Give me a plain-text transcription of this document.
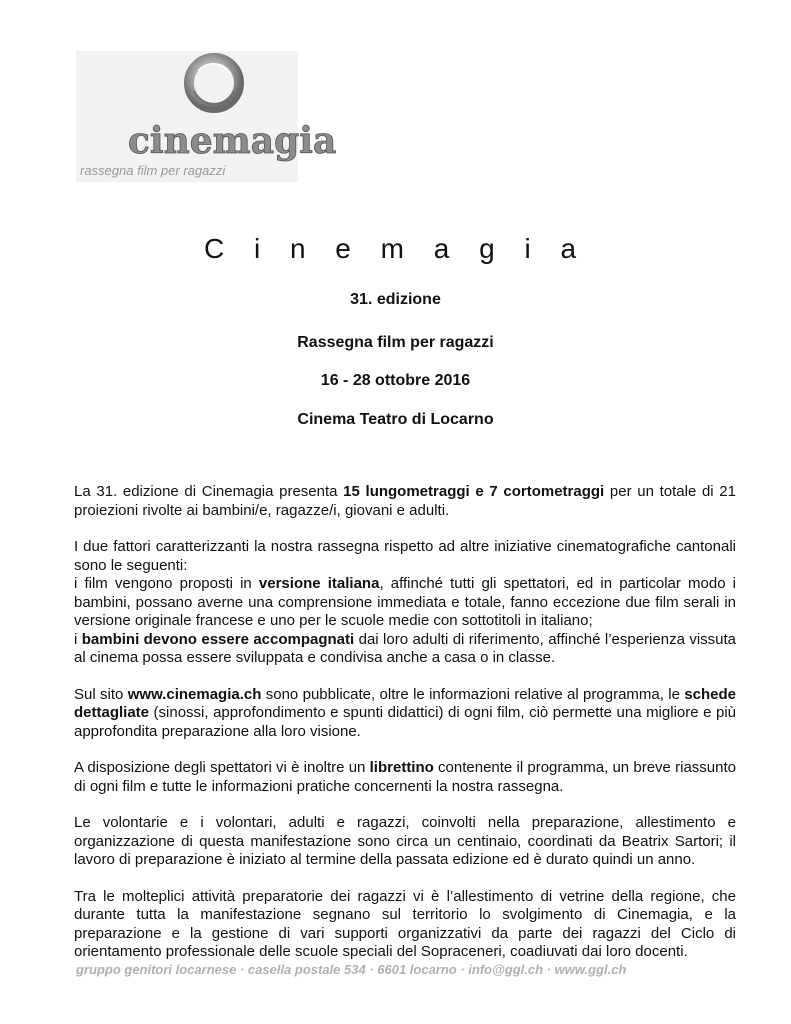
cinemagia
rassegna film per ragazzi
C i n e m a g i a

31. edizione

Rassegna film per ragazzi

16 - 28 ottobre 2016

Cinema Teatro di Locarno

La 31. edizione di Cinemagia presenta 15 lungometraggi e 7 cortometraggi per un totale di 21 proiezioni rivolte ai bambini/e, ragazze/i, giovani e adulti.

I due fattori caratterizzanti la nostra rassegna rispetto ad altre iniziative cinematografiche cantonali sono le seguenti:
i film vengono proposti in versione italiana, affinché tutti gli spettatori, ed in particolar modo i bambini, possano averne una comprensione immediata e totale, fanno eccezione due film serali in versione originale francese e uno per le scuole medie con sottotitoli in italiano;
i bambini devono essere accompagnati dai loro adulti di riferimento, affinché l’esperienza vissuta al cinema possa essere sviluppata e condivisa anche a casa o in classe.

Sul sito www.cinemagia.ch sono pubblicate, oltre le informazioni relative al programma, le schede dettagliate (sinossi, approfondimento e spunti didattici) di ogni film, ciò permette una migliore e più approfondita preparazione alla loro visione.

A disposizione degli spettatori vi è inoltre un librettino contenente il programma, un breve riassunto di ogni film e tutte le informazioni pratiche concernenti la nostra rassegna.

Le volontarie e i volontari, adulti e ragazzi, coinvolti nella preparazione, allestimento e organizzazione di questa manifestazione sono circa un centinaio, coordinati da Beatrix Sartori; il lavoro di preparazione è iniziato al termine della passata edizione ed è durato quindi un anno.

Tra le molteplici attività preparatorie dei ragazzi vi è l’allestimento di vetrine della regione, che durante tutta la manifestazione segnano sul territorio lo svolgimento di Cinemagia, e la preparazione e la gestione di vari supporti organizzativi da parte dei ragazzi del Ciclo di orientamento professionale delle scuole speciali del Sopraceneri, coadiuvati dai loro docenti.

gruppo genitori locarnese · casella postale 534 · 6601 locarno · info@ggl.ch · www.ggl.ch
